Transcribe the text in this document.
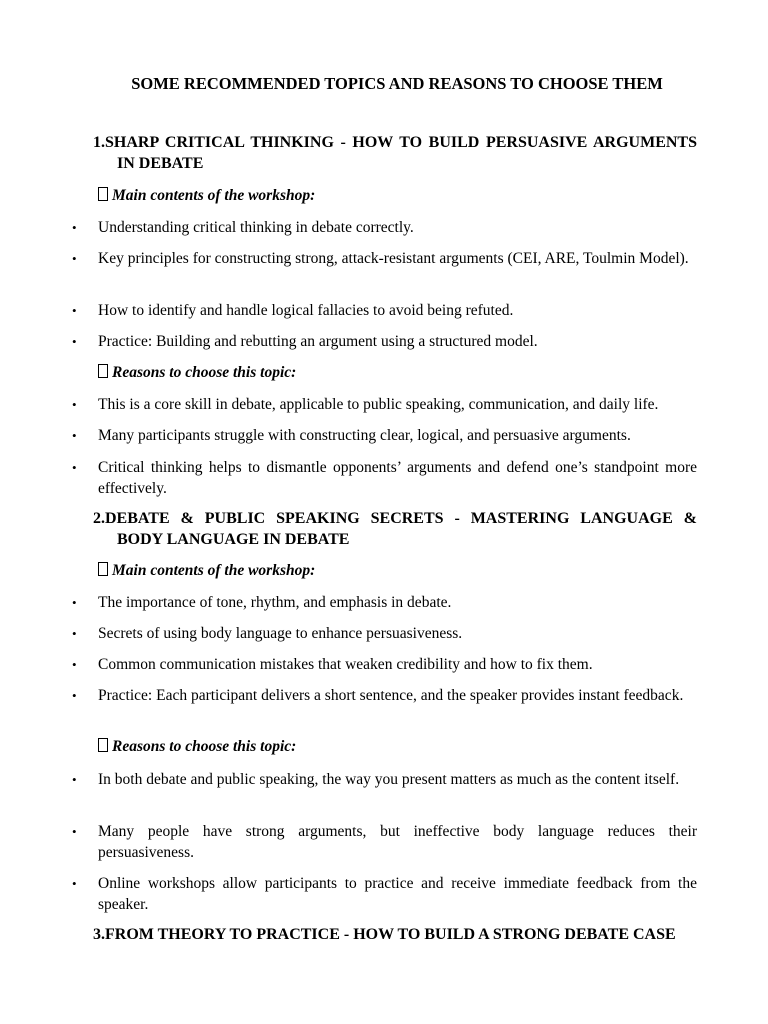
SOME RECOMMENDED TOPICS AND REASONS TO CHOOSE THEM
1.SHARP CRITICAL THINKING - HOW TO BUILD PERSUASIVE ARGUMENTS
IN DEBATE
Main contents of the workshop:
• Understanding critical thinking in debate correctly.
• Key principles for constructing strong, attack-resistant arguments (CEI, ARE, Toulmin Model).
• How to identify and handle logical fallacies to avoid being refuted.
• Practice: Building and rebutting an argument using a structured model.
Reasons to choose this topic:
• This is a core skill in debate, applicable to public speaking, communication, and daily life.
• Many participants struggle with constructing clear, logical, and persuasive arguments.
• Critical thinking helps to dismantle opponents’ arguments and defend one’s standpoint more effectively.
2.DEBATE & PUBLIC SPEAKING SECRETS - MASTERING LANGUAGE &
BODY LANGUAGE IN DEBATE
Main contents of the workshop:
• The importance of tone, rhythm, and emphasis in debate.
• Secrets of using body language to enhance persuasiveness.
• Common communication mistakes that weaken credibility and how to fix them.
• Practice: Each participant delivers a short sentence, and the speaker provides instant feedback.
Reasons to choose this topic:
• In both debate and public speaking, the way you present matters as much as the content itself.
• Many people have strong arguments, but ineffective body language reduces their persuasiveness.
• Online workshops allow participants to practice and receive immediate feedback from the speaker.
3.FROM THEORY TO PRACTICE - HOW TO BUILD A STRONG DEBATE CASE
